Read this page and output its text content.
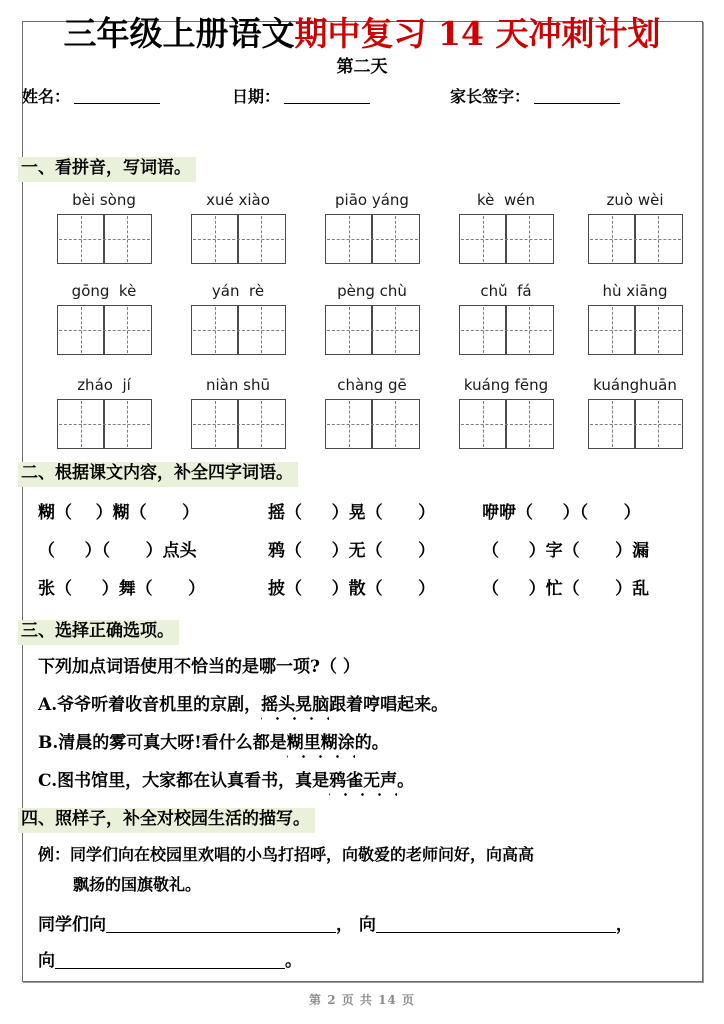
三年级上册语文期中复习 14 天冲刺计划
第二天
姓名：	日期：	家长签字：
一、看拼音，写词语。
bèi sòng	xué xiào	piāo yáng	kè  wén	zuò wèi
gōng  kè	yán  rè	pèng chù	chǔ  fá	hù xiāng
zháo  jí	niàn shū	chàng gē	kuáng fēng	kuánghuān
二、根据课文内容，补全四字词语。
糊（    ）糊（      ）	摇（     ）晃（      ）	咿咿（     ）（      ）
（     ）（      ）点头	鸦（     ）无（      ）	（     ）字（      ）漏
张（     ）舞（      ）	披（     ）散（      ）	（     ）忙（      ）乱
三、选择正确选项。
下列加点词语使用不恰当的是哪一项?（ ）
A.爷爷听着收音机里的京剧，摇头晃脑跟着哼唱起来。
B.清晨的雾可真大呀!看什么都是糊里糊涂的。
C.图书馆里，大家都在认真看书，真是鸦雀无声。
四、照样子，补全对校园生活的描写。
例：同学们向在校园里欢唱的小鸟打招呼，向敬爱的老师问好，向高高
飘扬的国旗敬礼。
同学们向	， 向	，
向	。
第 2 页 共 14 页
